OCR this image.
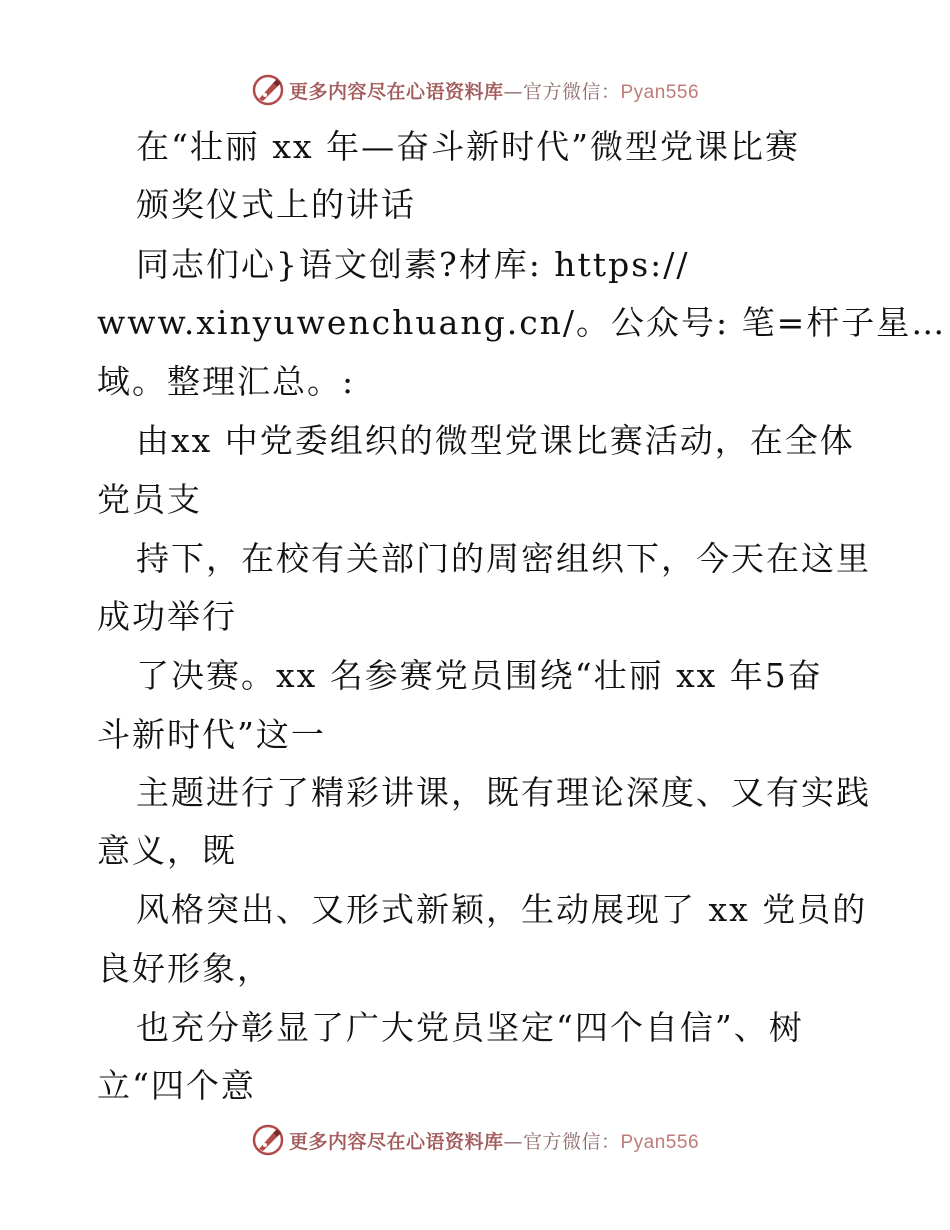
更多内容尽在心语资料库—官方微信：Pyan556
在“壮丽 xx 年—奋斗新时代”微型党课比赛
颁奖仪式上的讲话
同志们心}语文创素?材库: https://
www.xinyuwenchuang.cn/。公众号: 笔=杆子星…
域。整理汇总。:
由xx 中党委组织的微型党课比赛活动，在全体
党员支
持下，在校有关部门的周密组织下，今天在这里
成功举行
了决赛。xx 名参赛党员围绕“壮丽 xx 年5奋
斗新时代”这一
主题进行了精彩讲课，既有理论深度、又有实践
意义，既
风格突出、又形式新颖，生动展现了 xx 党员的
良好形象，
也充分彰显了广大党员坚定“四个自信”、树
立“四个意
更多内容尽在心语资料库—官方微信：Pyan556
